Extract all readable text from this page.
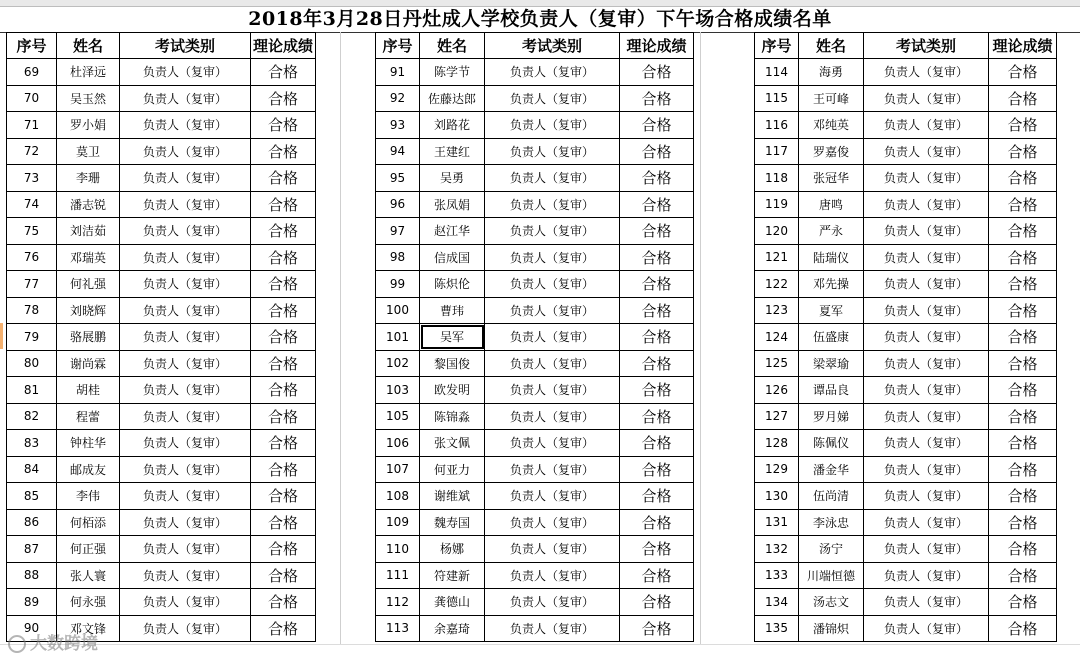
2018年3月28日丹灶成人学校负责人（复审）下午场合格成绩名单
序号	姓名	考试类别	理论成绩
69	杜泽远	负责人（复审）	合格
70	吴玉然	负责人（复审）	合格
71	罗小娟	负责人（复审）	合格
72	莫卫	负责人（复审）	合格
73	李珊	负责人（复审）	合格
74	潘志锐	负责人（复审）	合格
75	刘洁茹	负责人（复审）	合格
76	邓瑞英	负责人（复审）	合格
77	何礼强	负责人（复审）	合格
78	刘晓辉	负责人（复审）	合格
79	骆展鹏	负责人（复审）	合格
80	谢尚霖	负责人（复审）	合格
81	胡桂	负责人（复审）	合格
82	程蕾	负责人（复审）	合格
83	钟柱华	负责人（复审）	合格
84	邮成友	负责人（复审）	合格
85	李伟	负责人（复审）	合格
86	何栢添	负责人（复审）	合格
87	何正强	负责人（复审）	合格
88	张人寰	负责人（复审）	合格
89	何永强	负责人（复审）	合格
90	邓文锋	负责人（复审）	合格
序号	姓名	考试类别	理论成绩
91	陈学节	负责人（复审）	合格
92	佐藤达郎	负责人（复审）	合格
93	刘路花	负责人（复审）	合格
94	王建红	负责人（复审）	合格
95	吴勇	负责人（复审）	合格
96	张凤娟	负责人（复审）	合格
97	赵江华	负责人（复审）	合格
98	信成国	负责人（复审）	合格
99	陈炽伦	负责人（复审）	合格
100	曹玮	负责人（复审）	合格
101	吴军	负责人（复审）	合格
102	黎国俊	负责人（复审）	合格
103	欧发明	负责人（复审）	合格
105	陈锦淼	负责人（复审）	合格
106	张文佩	负责人（复审）	合格
107	何亚力	负责人（复审）	合格
108	谢维斌	负责人（复审）	合格
109	魏寿国	负责人（复审）	合格
110	杨娜	负责人（复审）	合格
111	符建新	负责人（复审）	合格
112	龚德山	负责人（复审）	合格
113	余嘉琦	负责人（复审）	合格
序号	姓名	考试类别	理论成绩
114	海勇	负责人（复审）	合格
115	王可峰	负责人（复审）	合格
116	邓纯英	负责人（复审）	合格
117	罗嘉俊	负责人（复审）	合格
118	张冠华	负责人（复审）	合格
119	唐鸣	负责人（复审）	合格
120	严永	负责人（复审）	合格
121	陆瑞仪	负责人（复审）	合格
122	邓先操	负责人（复审）	合格
123	夏军	负责人（复审）	合格
124	伍盛康	负责人（复审）	合格
125	梁翠瑜	负责人（复审）	合格
126	谭品良	负责人（复审）	合格
127	罗月娣	负责人（复审）	合格
128	陈佩仪	负责人（复审）	合格
129	潘金华	负责人（复审）	合格
130	伍尚清	负责人（复审）	合格
131	李泳忠	负责人（复审）	合格
132	汤宁	负责人（复审）	合格
133	川端恒德	负责人（复审）	合格
134	汤志文	负责人（复审）	合格
135	潘锦炽	负责人（复审）	合格
大数跨境
